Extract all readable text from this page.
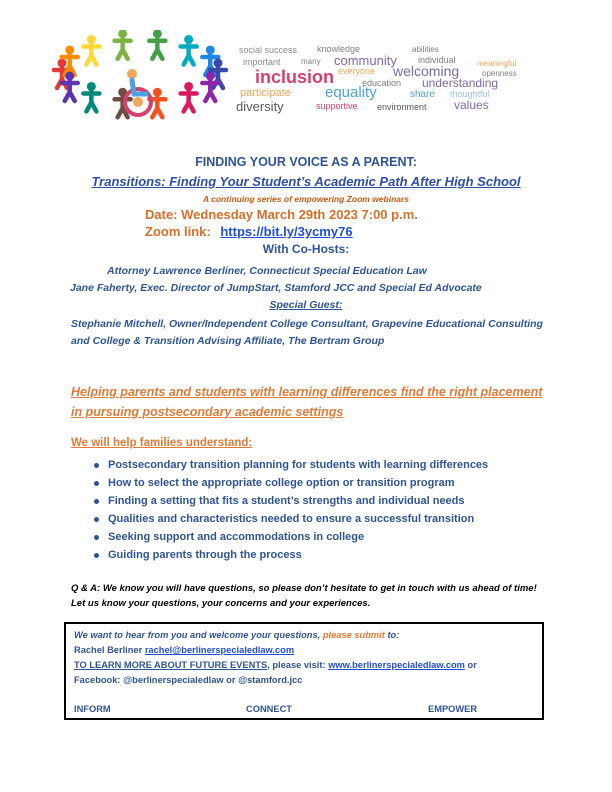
social success knowledge	abilities
important	many community individual	meaningful
everyone welcoming	openness
inclusion	education understanding
participate equality	share thoughtful
diversity	supportive environment values
FINDING YOUR VOICE AS A PARENT:
Transitions: Finding Your Student’s Academic Path After High School
A continuing series of empowering Zoom webinars
Date: Wednesday March 29th 2023 7:00 p.m.
Zoom link: https://bit.ly/3ycmy76
With Co-Hosts:
Attorney Lawrence Berliner, Connecticut Special Education Law
Jane Faherty, Exec. Director of JumpStart, Stamford JCC and Special Ed Advocate
Special Guest:
Stephanie Mitchell, Owner/Independent College Consultant, Grapevine Educational Consulting and College & Transition Advising Affiliate, The Bertram Group
Helping parents and students with learning differences find the right placement in pursuing postsecondary academic settings
We will help families understand:
Postsecondary transition planning for students with learning differences
How to select the appropriate college option or transition program
Finding a setting that fits a student’s strengths and individual needs
Qualities and characteristics needed to ensure a successful transition
Seeking support and accommodations in college
Guiding parents through the process
Q & A: We know you will have questions, so please don’t hesitate to get in touch with us ahead of time! Let us know your questions, your concerns and your experiences.
We want to hear from you and welcome your questions, please submit to:
Rachel Berliner rachel@berlinerspecialedlaw.com
TO LEARN MORE ABOUT FUTURE EVENTS, please visit: www.berlinerspecialedlaw.com or
Facebook: @berlinerspecialedlaw or @stamford.jcc
INFORM	CONNECT	EMPOWER
